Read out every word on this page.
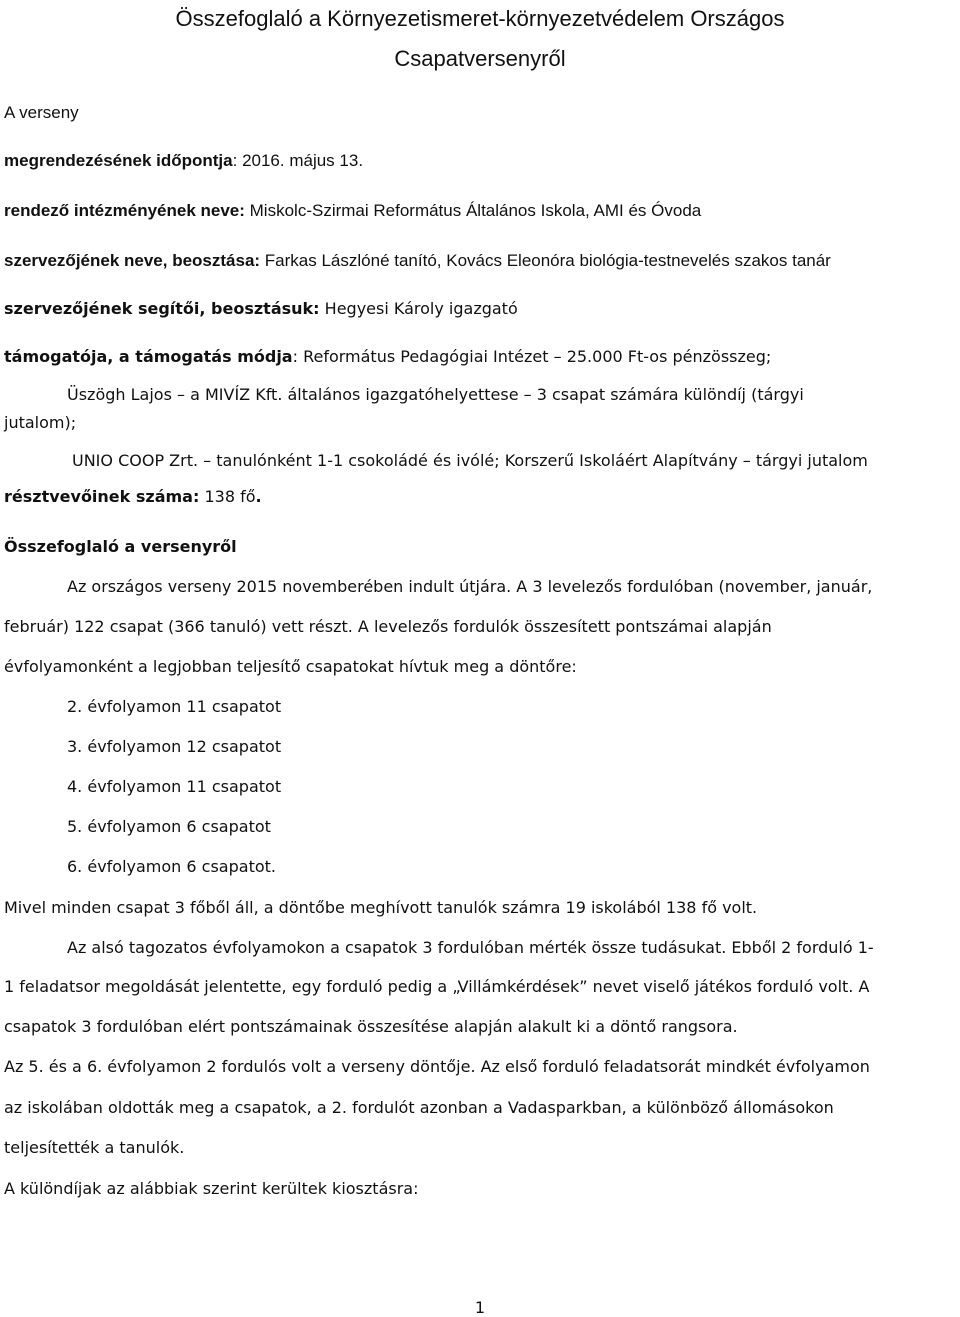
Összefoglaló a Környezetismeret-környezetvédelem Országos
Csapatversenyről
A verseny
megrendezésének időpontja: 2016. május 13.
rendező intézményének neve: Miskolc-Szirmai Református Általános Iskola, AMI és Óvoda
szervezőjének neve, beosztása: Farkas Lászlóné tanító, Kovács Eleonóra biológia-testnevelés szakos tanár
szervezőjének segítői, beosztásuk: Hegyesi Károly igazgató
támogatója, a támogatás módja: Református Pedagógiai Intézet – 25.000 Ft-os pénzösszeg;
Üszögh Lajos – a MIVÍZ Kft. általános igazgatóhelyettese – 3 csapat számára különdíj (tárgyi
jutalom);
UNIO COOP Zrt. – tanulónként 1-1 csokoládé és ivólé; Korszerű Iskoláért Alapítvány – tárgyi jutalom
résztvevőinek száma: 138 fő.
Összefoglaló a versenyről
Az országos verseny 2015 novemberében indult útjára. A 3 levelezős fordulóban (november, január,
február) 122 csapat (366 tanuló) vett részt. A levelezős fordulók összesített pontszámai alapján
évfolyamonként a legjobban teljesítő csapatokat hívtuk meg a döntőre:
2. évfolyamon 11 csapatot
3. évfolyamon 12 csapatot
4. évfolyamon 11 csapatot
5. évfolyamon 6 csapatot
6. évfolyamon 6 csapatot.
Mivel minden csapat 3 főből áll, a döntőbe meghívott tanulók számra 19 iskolából 138 fő volt.
Az alsó tagozatos évfolyamokon a csapatok 3 fordulóban mérték össze tudásukat. Ebből 2 forduló 1-
1 feladatsor megoldását jelentette, egy forduló pedig a „Villámkérdések” nevet viselő játékos forduló volt. A
csapatok 3 fordulóban elért pontszámainak összesítése alapján alakult ki a döntő rangsora.
Az 5. és a 6. évfolyamon 2 fordulós volt a verseny döntője. Az első forduló feladatsorát mindkét évfolyamon
az iskolában oldották meg a csapatok, a 2. fordulót azonban a Vadasparkban, a különböző állomásokon
teljesítették a tanulók.
A különdíjak az alábbiak szerint kerültek kiosztásra:
1
